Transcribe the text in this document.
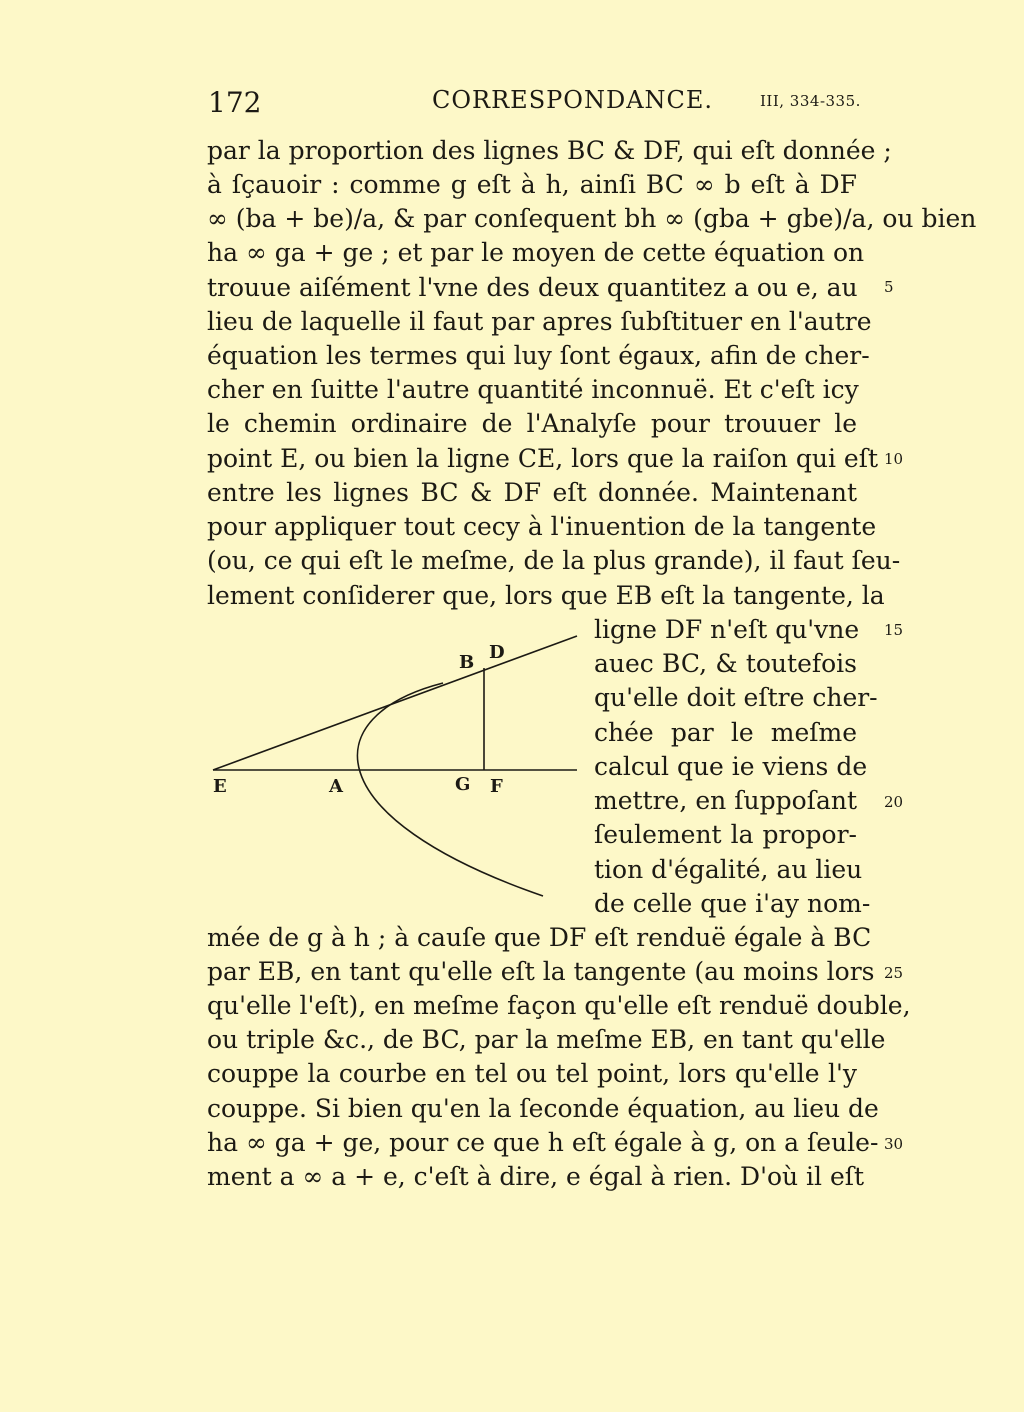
172	CORRESPONDANCE.	III, 334-335.
par la proportion des lignes BC & DF, qui eſt donnée ;
à ſçauoir : comme g eſt à h, ainſi BC ∞ b eſt à DF
∞ (ba + be)/a, & par conſequent bh ∞ (gba + gbe)/a, ou bien
ha ∞ ga + ge ; et par le moyen de cette équation on
trouue aiſément l'vne des deux quantitez a ou e, au
lieu de laquelle il faut par apres ſubſtituer en l'autre
équation les termes qui luy ſont égaux, afin de cher-
cher en ſuitte l'autre quantité inconnuë. Et c'eſt icy
le chemin ordinaire de l'Analyſe pour trouuer le
point E, ou bien la ligne CE, lors que la raiſon qui eſt
entre les lignes BC & DF eſt donnée. Maintenant
pour appliquer tout cecy à l'inuention de la tangente
(ou, ce qui eſt le meſme, de la plus grande), il faut ſeu-
lement conſiderer que, lors que EB eſt la tangente, la
ligne DF n'eſt qu'vne
auec BC, & toutefois
qu'elle doit eſtre cher-
chée par le meſme
calcul que ie viens de
mettre, en ſuppoſant
ſeulement la propor-
tion d'égalité, au lieu
de celle que i'ay nom-
mée de g à h ; à cauſe que DF eſt renduë égale à BC
par EB, en tant qu'elle eſt la tangente (au moins lors
qu'elle l'eſt), en meſme façon qu'elle eſt renduë double,
ou triple &c., de BC, par la meſme EB, en tant qu'elle
couppe la courbe en tel ou tel point, lors qu'elle l'y
couppe. Si bien qu'en la ſeconde équation, au lieu de
ha ∞ ga + ge, pour ce que h eſt égale à g, on a ſeule-
ment a ∞ a + e, c'eſt à dire, e égal à rien. D'où il eſt
5
10
15
20
25
30
B D
E	A	G F
